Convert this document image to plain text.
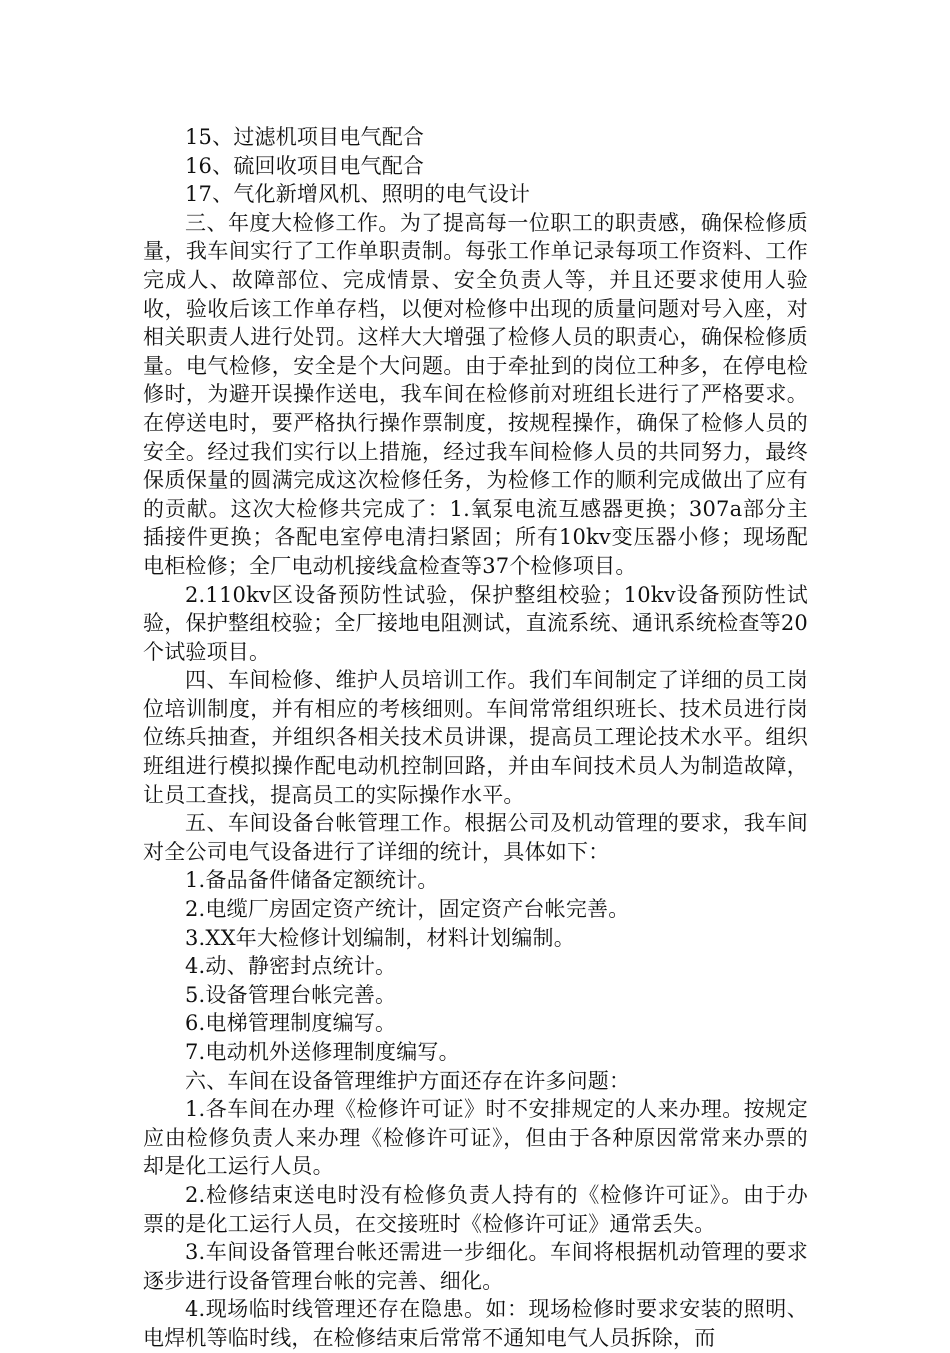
15、过滤机项目电气配合

16、硫回收项目电气配合

17、气化新增风机、照明的电气设计

三、年度大检修工作。为了提高每一位职工的职责感，确保检修质量，我车间实行了工作单职责制。每张工作单记录每项工作资料、工作完成人、故障部位、完成情景、安全负责人等，并且还要求使用人验收，验收后该工作单存档，以便对检修中出现的质量问题对号入座，对相关职责人进行处罚。这样大大增强了检修人员的职责心，确保检修质量。电气检修，安全是个大问题。由于牵扯到的岗位工种多，在停电检修时，为避开误操作送电，我车间在检修前对班组长进行了严格要求。在停送电时，要严格执行操作票制度，按规程操作，确保了检修人员的安全。经过我们实行以上措施，经过我车间检修人员的共同努力，最终保质保量的圆满完成这次检修任务，为检修工作的顺利完成做出了应有的贡献。这次大检修共完成了：1.氧泵电流互感器更换；307a部分主插接件更换；各配电室停电清扫紧固；所有10kv变压器小修；现场配电柜检修；全厂电动机接线盒检查等37个检修项目。

2.110kv区设备预防性试验，保护整组校验；10kv设备预防性试验，保护整组校验；全厂接地电阻测试，直流系统、通讯系统检查等20个试验项目。

四、车间检修、维护人员培训工作。我们车间制定了详细的员工岗位培训制度，并有相应的考核细则。车间常常组织班长、技术员进行岗位练兵抽查，并组织各相关技术员讲课，提高员工理论技术水平。组织班组进行模拟操作配电动机控制回路，并由车间技术员人为制造故障，让员工查找，提高员工的实际操作水平。

五、车间设备台帐管理工作。根据公司及机动管理的要求，我车间对全公司电气设备进行了详细的统计，具体如下：

1.备品备件储备定额统计。

2.电缆厂房固定资产统计，固定资产台帐完善。

3.XX年大检修计划编制，材料计划编制。

4.动、静密封点统计。

5.设备管理台帐完善。

6.电梯管理制度编写。

7.电动机外送修理制度编写。

六、车间在设备管理维护方面还存在许多问题：

1.各车间在办理《检修许可证》时不安排规定的人来办理。按规定应由检修负责人来办理《检修许可证》，但由于各种原因常常来办票的却是化工运行人员。

2.检修结束送电时没有检修负责人持有的《检修许可证》。由于办票的是化工运行人员，在交接班时《检修许可证》通常丢失。

3.车间设备管理台帐还需进一步细化。车间将根据机动管理的要求逐步进行设备管理台帐的完善、细化。

4.现场临时线管理还存在隐患。如：现场检修时要求安装的照明、电焊机等临时线，在检修结束后常常不通知电气人员拆除，而
